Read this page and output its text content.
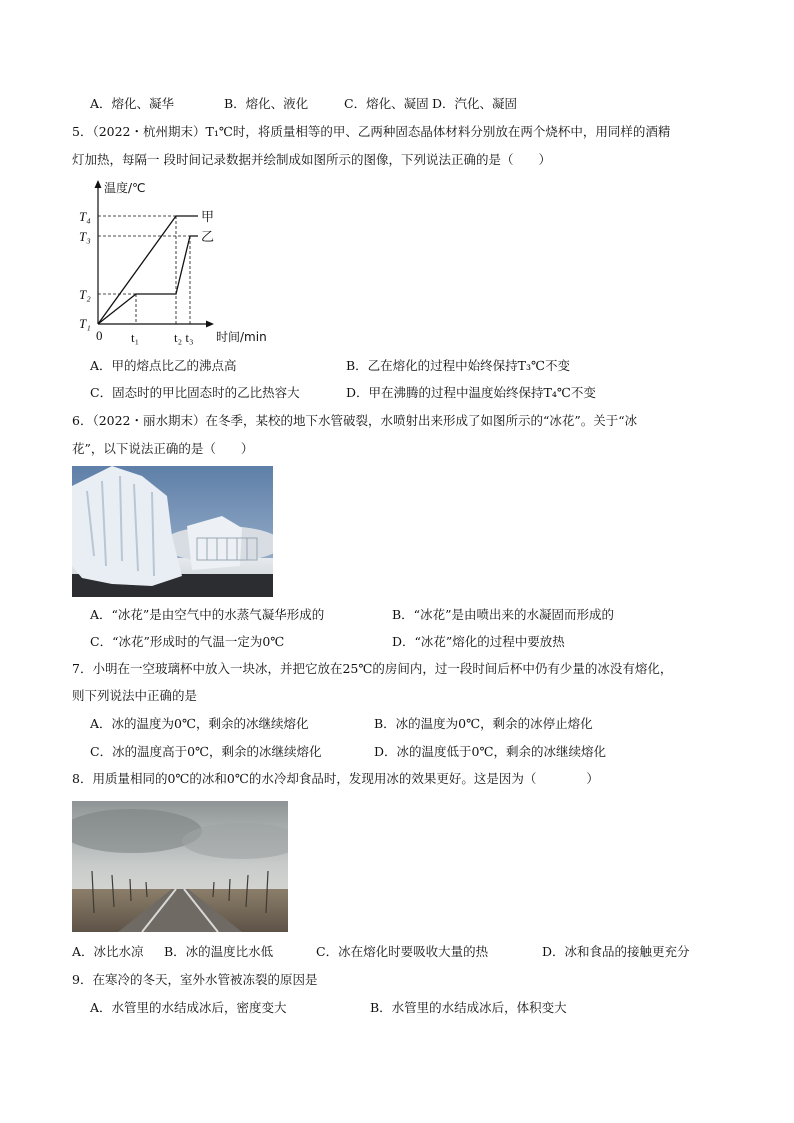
A．熔化、凝华	B．熔化、液化	C．熔化、凝固 D．汽化、凝固
5．（2022・杭州期末）T₁℃时，将质量相等的甲、乙两种固态晶体材料分别放在两个烧杯中，用同样的酒精
灯加热，每隔一 段时间记录数据并绘制成如图所示的图像，下列说法正确的是（　　）
温度/℃
时间/min
0
T₄
T₃
T₂
T₁
t₁	t₂ t₃
甲
乙
A．甲的熔点比乙的沸点高	B．乙在熔化的过程中始终保持T₃℃不变
C．固态时的甲比固态时的乙比热容大	D．甲在沸腾的过程中温度始终保持T₄℃不变
6．（2022・丽水期末）在冬季，某校的地下水管破裂，水喷射出来形成了如图所示的“冰花”。关于“冰
花”，以下说法正确的是（　　）
A．“冰花”是由空气中的水蒸气凝华形成的	B．“冰花”是由喷出来的水凝固而形成的
C．“冰花”形成时的气温一定为0℃	D．“冰花”熔化的过程中要放热
7．小明在一空玻璃杯中放入一块冰，并把它放在25℃的房间内，过一段时间后杯中仍有少量的冰没有熔化，
则下列说法中正确的是
A．冰的温度为0℃，剩余的冰继续熔化	B．冰的温度为0℃，剩余的冰停止熔化
C．冰的温度高于0℃，剩余的冰继续熔化	D．冰的温度低于0℃，剩余的冰继续熔化
8．用质量相同的0℃的冰和0℃的水冷却食品时，发现用冰的效果更好。这是因为（　　　　）
A．冰比水凉 B．冰的温度比水低	C．冰在熔化时要吸收大量的热	D．冰和食品的接触更充分
9．在寒冷的冬天，室外水管被冻裂的原因是
A．水管里的水结成冰后，密度变大	B．水管里的水结成冰后，体积变大
